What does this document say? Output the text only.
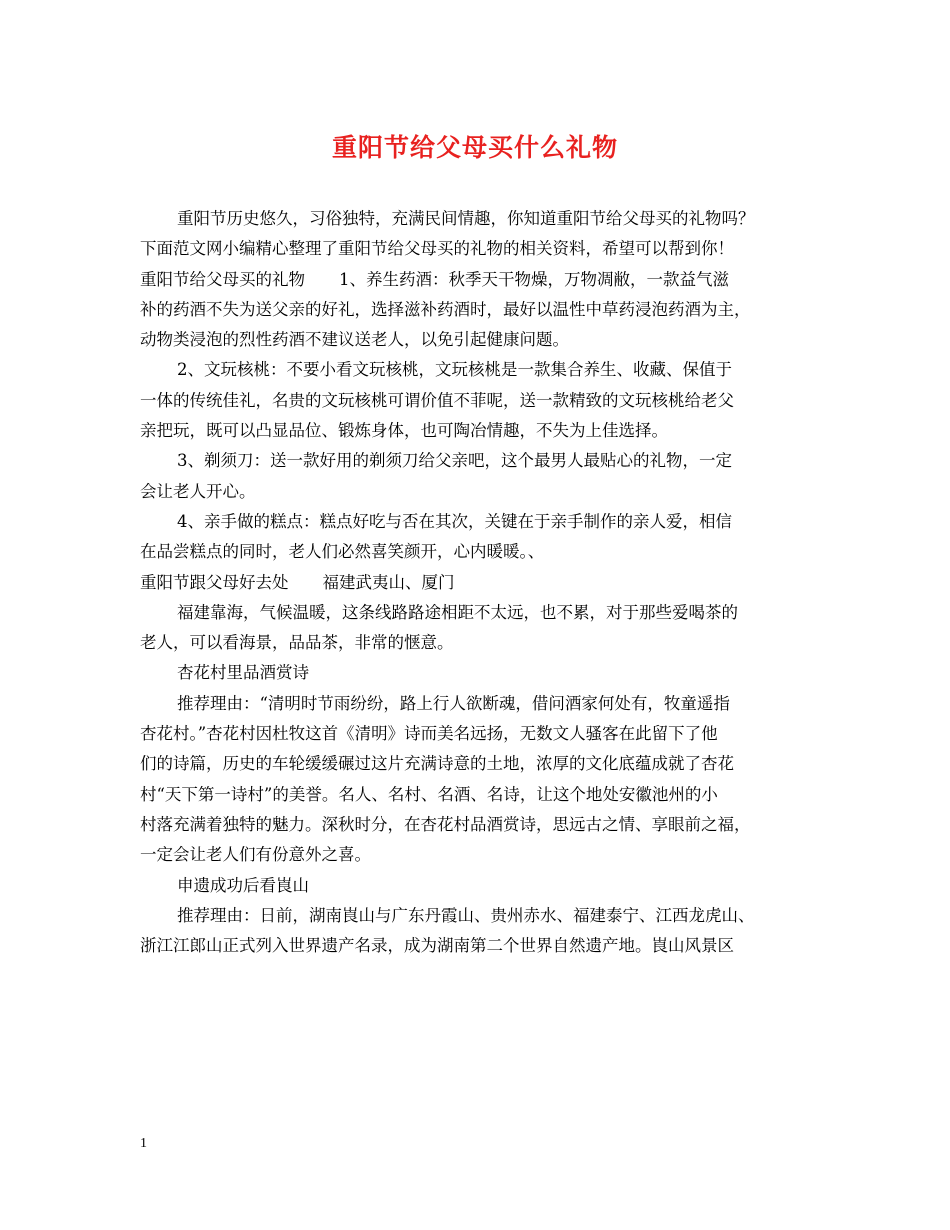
重阳节给父母买什么礼物
重阳节历史悠久，习俗独特，充满民间情趣，你知道重阳节给父母买的礼物吗？
下面范文网小编精心整理了重阳节给父母买的礼物的相关资料，希望可以帮到你！
重阳节给父母买的礼物 1、养生药酒：秋季天干物燥，万物凋敝，一款益气滋
补的药酒不失为送父亲的好礼，选择滋补药酒时，最好以温性中草药浸泡药酒为主，
动物类浸泡的烈性药酒不建议送老人，以免引起健康问题。
2、文玩核桃：不要小看文玩核桃，文玩核桃是一款集合养生、收藏、保值于
一体的传统佳礼，名贵的文玩核桃可谓价值不菲呢，送一款精致的文玩核桃给老父
亲把玩，既可以凸显品位、锻炼身体，也可陶冶情趣，不失为上佳选择。
3、剃须刀：送一款好用的剃须刀给父亲吧，这个最男人最贴心的礼物，一定
会让老人开心。
4、亲手做的糕点：糕点好吃与否在其次，关键在于亲手制作的亲人爱，相信
在品尝糕点的同时，老人们必然喜笑颜开，心内暖暖。、
重阳节跟父母好去处 福建武夷山、厦门
福建靠海，气候温暖，这条线路路途相距不太远，也不累，对于那些爱喝茶的
老人，可以看海景，品品茶，非常的惬意。
杏花村里品酒赏诗
推荐理由：“清明时节雨纷纷，路上行人欲断魂，借问酒家何处有，牧童遥指
杏花村。”杏花村因杜牧这首《清明》诗而美名远扬，无数文人骚客在此留下了他
们的诗篇，历史的车轮缓缓碾过这片充满诗意的土地，浓厚的文化底蕴成就了杏花
村“天下第一诗村”的美誉。名人、名村、名酒、名诗，让这个地处安徽池州的小
村落充满着独特的魅力。深秋时分，在杏花村品酒赏诗，思远古之情、享眼前之福，
一定会让老人们有份意外之喜。
申遗成功后看崀山
推荐理由：日前，湖南崀山与广东丹霞山、贵州赤水、福建泰宁、江西龙虎山、
浙江江郎山正式列入世界遗产名录，成为湖南第二个世界自然遗产地。崀山风景区
1
